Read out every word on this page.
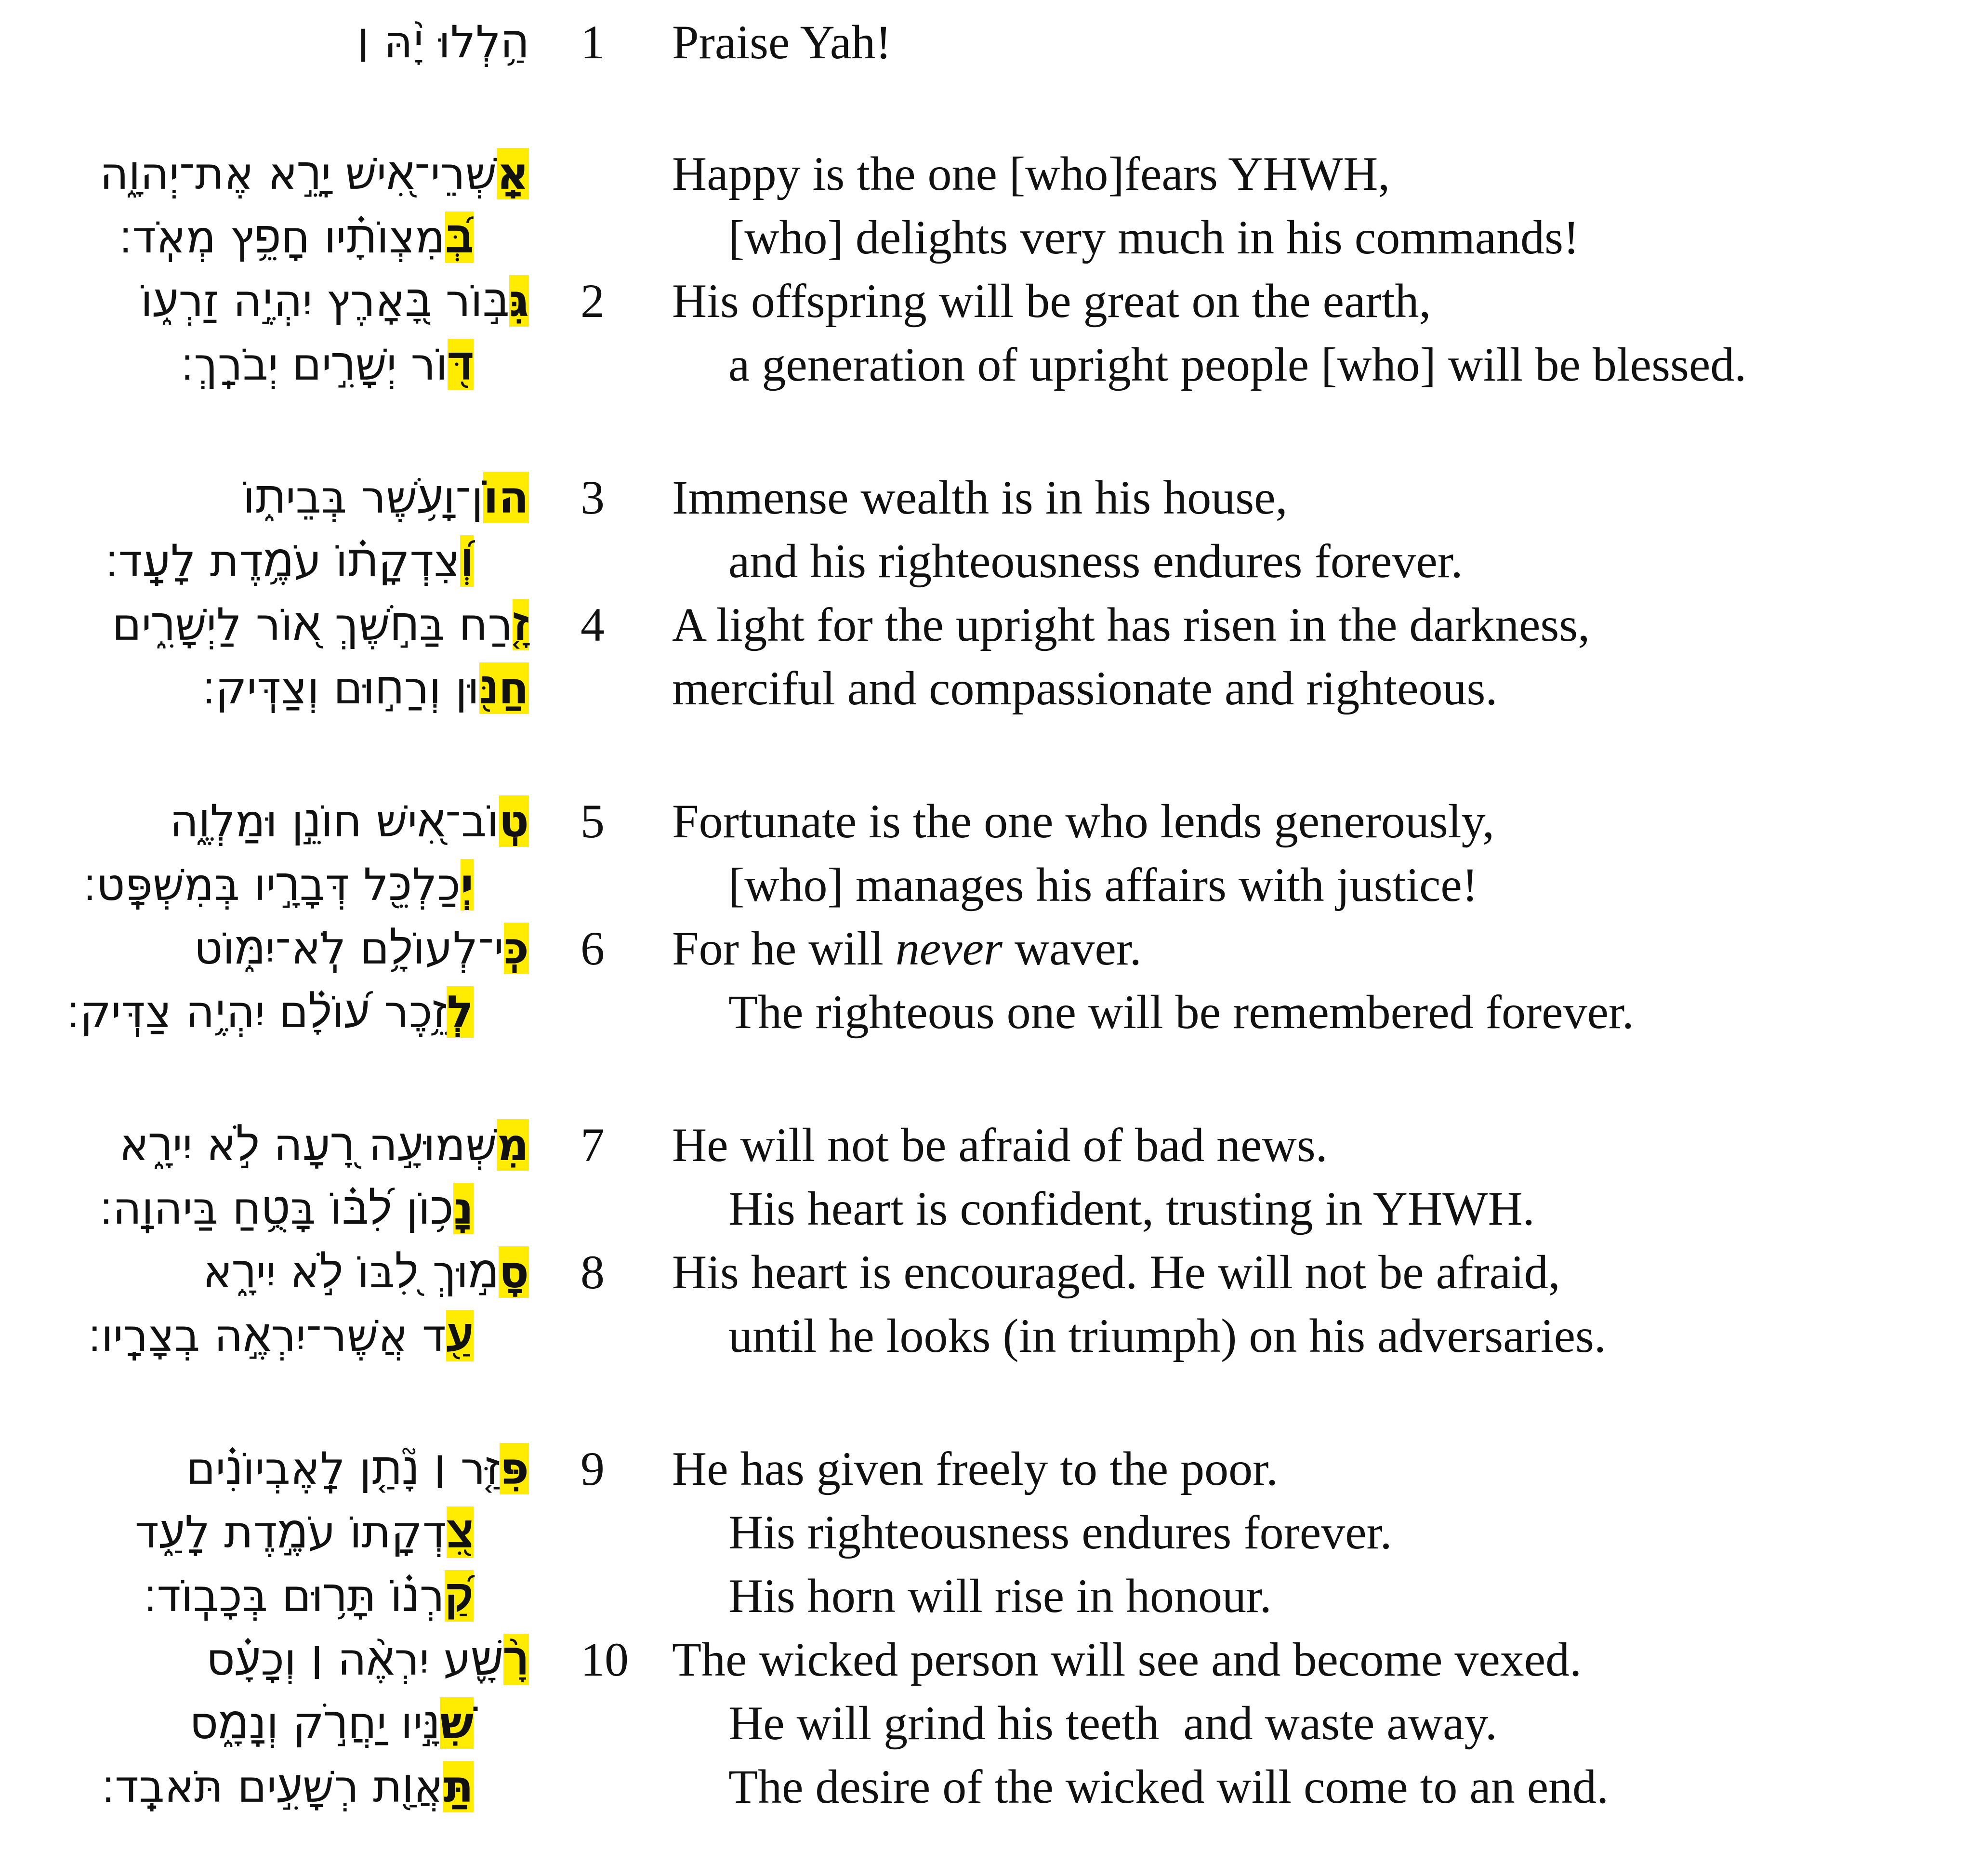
הַ֥לְלוּ יָ֨הּ ׀ 1 Praise Yah!
אַֽשְׁרֵי־אִ֭ישׁ יָרֵ֣א אֶת־יְהוָ֑ה	Happy is the one [who]fears YHWH,
בְּ֝מִצְוֺתָ֗יו חָפֵ֥ץ מְאֹֽד׃	[who] delights very much in his commands!
גִּבּ֣וֹר בָּ֭אָרֶץ יִהְיֶ֣ה זַרְע֑וֹ	2 His offspring will be great on the earth,
דּ֖וֹר יְשָׁרִ֣ים יְבֹרָֽךְ׃	a generation of upright people [who] will be blessed.
הוֹן־וָעֹ֥שֶׁר בְּבֵית֑וֹ	3 Immense wealth is in his house,
וְ֝צִדְקָת֗וֹ עֹמֶ֥דֶת לָעַֽד׃	and his righteousness endures forever.
זָ֤רַח בַּחֹ֣שֶׁךְ א֭וֹר לַיְשָׁרִ֑ים	4 A light for the upright has risen in the darkness,
חַנּ֖וּן וְרַח֣וּם וְצַדִּֽיק׃	merciful and compassionate and righteous.
טֽוֹב־אִ֭ישׁ חוֹנֵ֣ן וּמַלְוֶ֑ה	5 Fortunate is the one who lends generously,
יְכַלְכֵּ֖ל דְּבָרָ֣יו בְּמִשְׁפָּֽט׃	[who] manages his affairs with justice!
כִּֽי־לְעוֹלָ֥ם לֹֽא־יִמּ֑וֹט	6 For he will never waver.
לְזֵ֥כֶר ע֝וֹלָ֗ם יִהְיֶ֥ה צַדִּֽיק׃	The righteous one will be remembered forever.
מִשְּׁמוּעָ֣ה רָ֭עָה לֹ֣א יִירָ֑א	7 He will not be afraid of bad news.
נָכ֥וֹן לִ֝בּ֗וֹ בָּטֻ֥חַ בַּיהוָֽה׃	His heart is confident, trusting in YHWH.
סָמ֣וּךְ לִ֭בּוֹ לֹ֣א יִירָ֑א	8 His heart is encouraged. He will not be afraid,
עַ֖ד אֲשֶׁר־יִרְאֶ֣ה בְצָרָֽיו׃	until he looks (in triumph) on his adversaries.
פִּזַּ֤ר ׀ נָ֘תַ֤ן לָֽאֶבְיוֹנִ֗ים	9 He has given freely to the poor.
צִ֭דְקָתוֹ עֹמֶ֣דֶת לָעַ֑ד	His righteousness endures forever.
קַ֝רְנ֗וֹ תָּר֥וּם בְּכָבֽוֹד׃	His horn will rise in honour.
רָ֨שָׁ֪ע יִרְאֶ֨ה ׀ וְכָעָ֗ס	10 The wicked person will see and become vexed.
שִׁנָּ֣יו יַחֲרֹ֣ק וְנָמָ֑ס	He will grind his teeth  and waste away.
תַּאֲוַ֖ת רְשָׁעִ֣ים תֹּאבֵֽד׃	The desire of the wicked will come to an end.
